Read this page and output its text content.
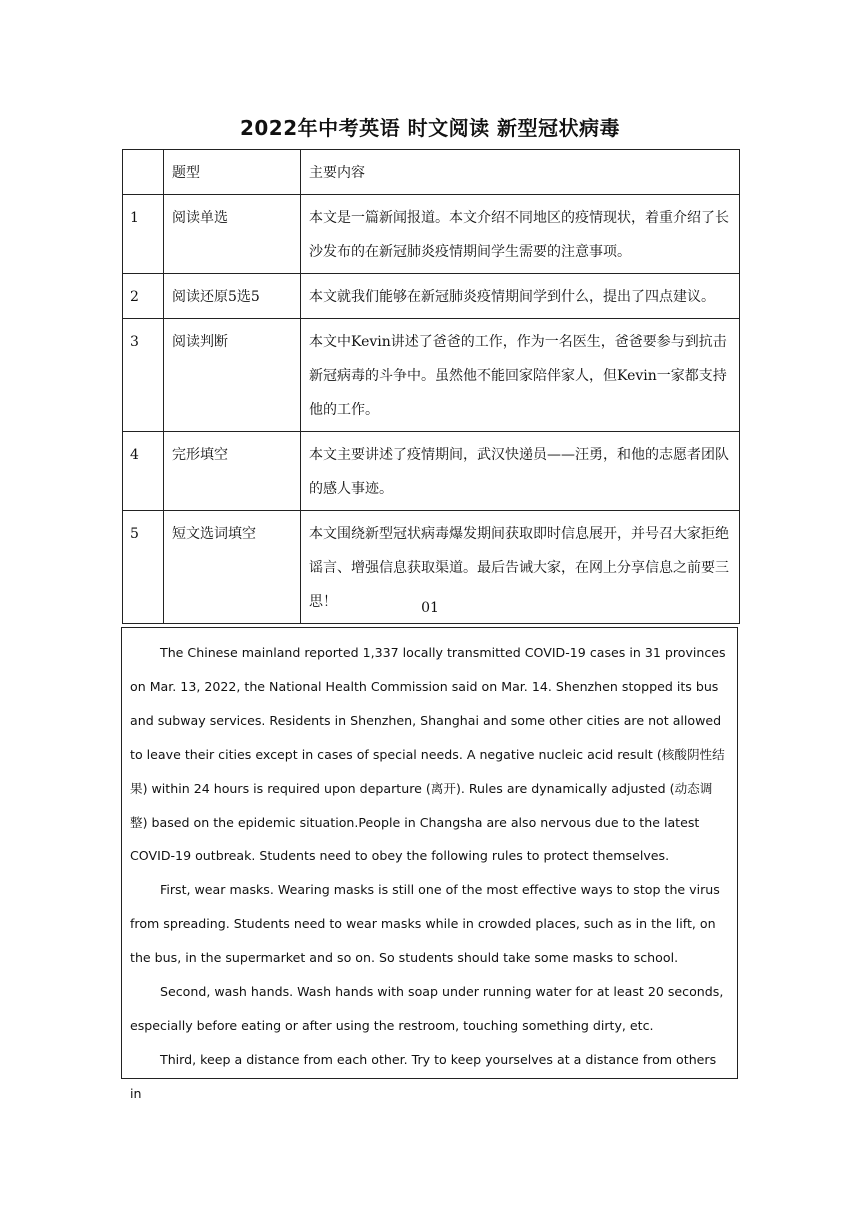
2022年中考英语 时文阅读 新型冠状病毒
	题型	主要内容
1	阅读单选	本文是一篇新闻报道。本文介绍不同地区的疫情现状，着重介绍了长沙发布的在新冠肺炎疫情期间学生需要的注意事项。
2	阅读还原5选5	本文就我们能够在新冠肺炎疫情期间学到什么，提出了四点建议。
3	阅读判断	本文中Kevin讲述了爸爸的工作，作为一名医生，爸爸要参与到抗击新冠病毒的斗争中。虽然他不能回家陪伴家人，但Kevin一家都支持他的工作。
4	完形填空	本文主要讲述了疫情期间，武汉快递员——汪勇，和他的志愿者团队的感人事迹。
5	短文选词填空	本文围绕新型冠状病毒爆发期间获取即时信息展开，并号召大家拒绝谣言、增强信息获取渠道。最后告诫大家，在网上分享信息之前要三思！	01

The Chinese mainland reported 1,337 locally transmitted COVID-19 cases in 31 provinces on Mar. 13, 2022, the National Health Commission said on Mar. 14. Shenzhen stopped its bus and subway services. Residents in Shenzhen, Shanghai and some other cities are not allowed to leave their cities except in cases of special needs. A negative nucleic acid result (核酸阴性结果) within 24 hours is required upon departure (离开). Rules are dynamically adjusted (动态调整) based on the epidemic situation.People in Changsha are also nervous due to the latest COVID-19 outbreak. Students need to obey the following rules to protect themselves.

First, wear masks. Wearing masks is still one of the most effective ways to stop the virus from spreading. Students need to wear masks while in crowded places, such as in the lift, on the bus, in the supermarket and so on. So students should take some masks to school.

Second, wash hands. Wash hands with soap under running water for at least 20 seconds, especially before eating or after using the restroom, touching something dirty, etc.

Third, keep a distance from each other. Try to keep yourselves at a distance from others in
